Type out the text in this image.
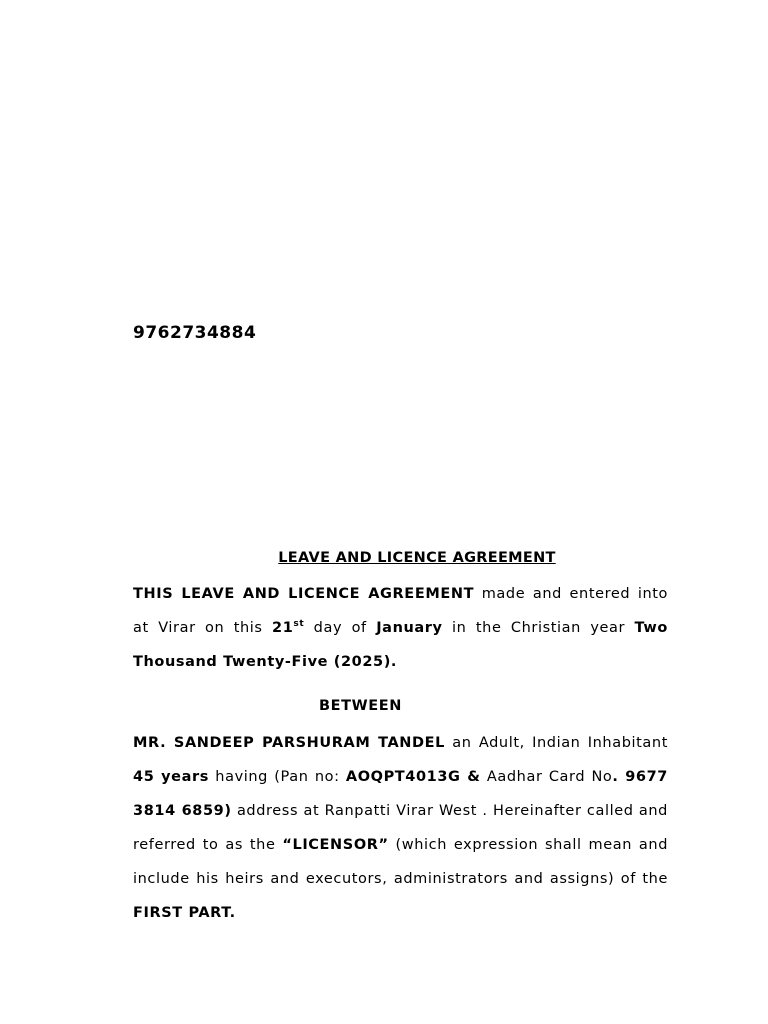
9762734884

LEAVE AND LICENCE AGREEMENT

THIS LEAVE AND LICENCE AGREEMENT made and entered into at Virar on this 21st day of January in the Christian year Two Thousand Twenty-Five (2025).

BETWEEN

MR. SANDEEP PARSHURAM TANDEL an Adult, Indian Inhabitant 45 years having (Pan no: AOQPT4013G & Aadhar Card No. 9677 3814 6859) address at Ranpatti Virar West . Hereinafter called and referred to as the “LICENSOR” (which expression shall mean and include his heirs and executors, administrators and assigns) of the FIRST PART.
